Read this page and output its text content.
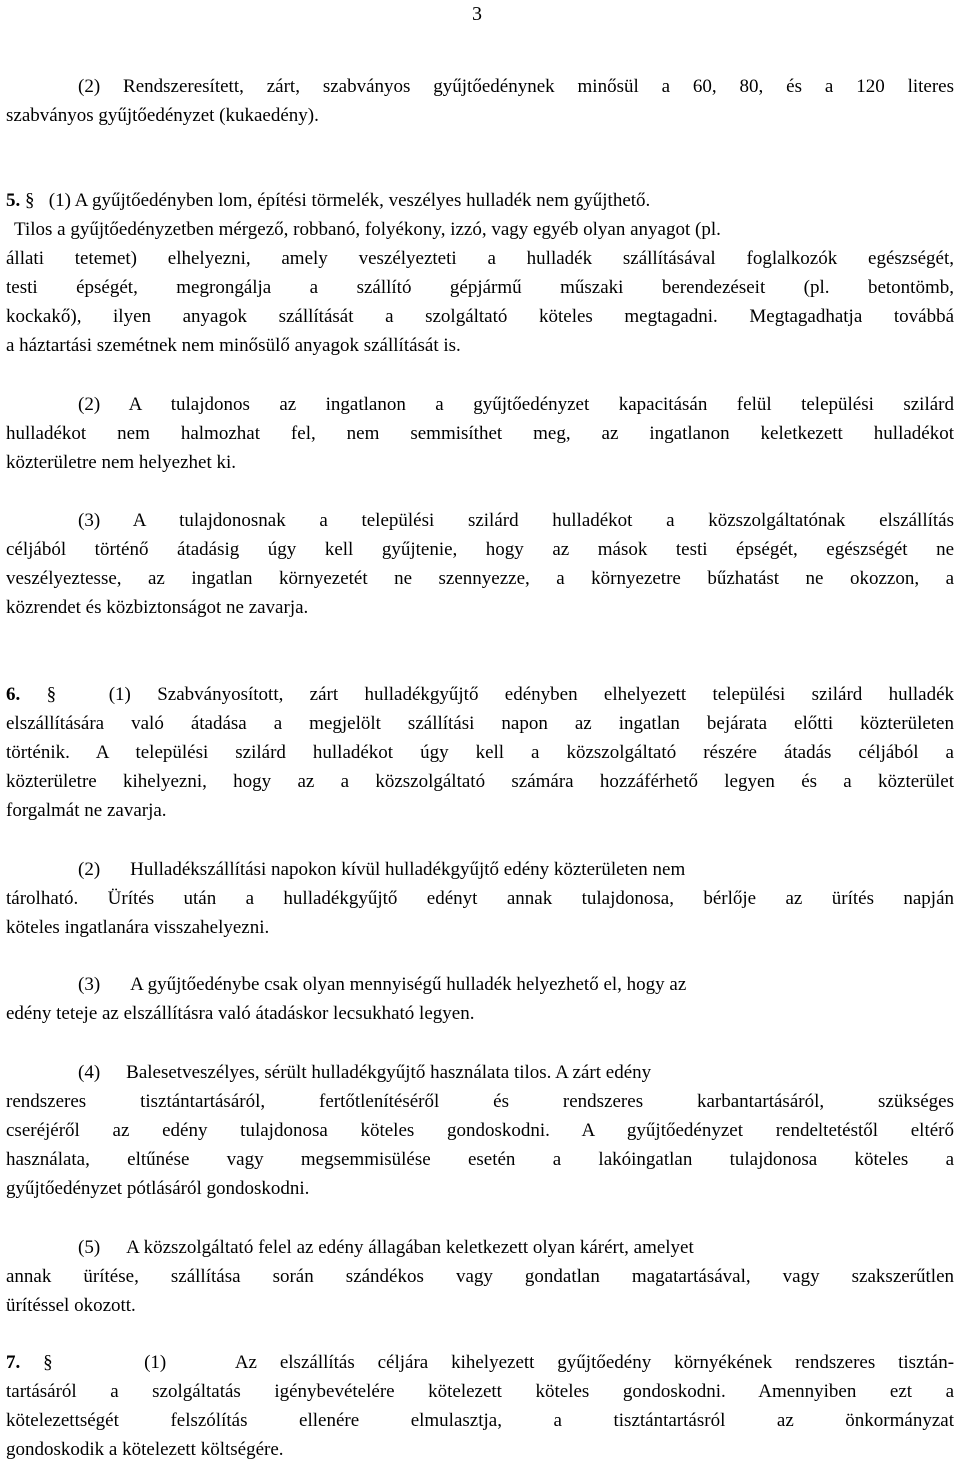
3
(2) Rendszeresített, zárt, szabványos gyűjtőedénynek minősül a 60, 80, és a 120 literes
szabványos gyűjtőedényzet (kukaedény).
5. § (1) A gyűjtőedényben lom, építési törmelék, veszélyes hulladék nem gyűjthető.
Tilos a gyűjtőedényzetben mérgező, robbanó, folyékony, izzó, vagy egyéb olyan anyagot (pl.
állati tetemet) elhelyezni, amely veszélyezteti a hulladék szállításával foglalkozók egészségét,
testi épségét, megrongálja a szállító gépjármű műszaki berendezéseit (pl. betontömb,
kockakő), ilyen anyagok szállítását a szolgáltató köteles megtagadni. Megtagadhatja továbbá
a háztartási szemétnek nem minősülő anyagok szállítását is.
(2) A tulajdonos az ingatlanon a gyűjtőedényzet kapacitásán felül települési szilárd
hulladékot nem halmozhat fel, nem semmisíthet meg, az ingatlanon keletkezett hulladékot
közterületre nem helyezhet ki.
(3) A tulajdonosnak a települési szilárd hulladékot a közszolgáltatónak elszállítás
céljából történő átadásig úgy kell gyűjtenie, hogy az mások testi épségét, egészségét ne
veszélyeztesse, az ingatlan környezetét ne szennyezze, a környezetre bűzhatást ne okozzon, a
közrendet és közbiztonságot ne zavarja.
6. §	(1) Szabványosított, zárt hulladékgyűjtő edényben elhelyezett települési szilárd hulladék
elszállítására való átadása a megjelölt szállítási napon az ingatlan bejárata előtti közterületen
történik. A települési szilárd hulladékot úgy kell a közszolgáltató részére átadás céljából a
közterületre kihelyezni, hogy az a közszolgáltató számára hozzáférhető legyen és a közterület
forgalmát ne zavarja.
(2) Hulladékszállítási napokon kívül hulladékgyűjtő edény közterületen nem
tárolható. Ürítés után a hulladékgyűjtő edényt annak tulajdonosa, bérlője az ürítés napján
köteles ingatlanára visszahelyezni.
(3) A gyűjtőedénybe csak olyan mennyiségű hulladék helyezhető el, hogy az
edény teteje az elszállításra való átadáskor lecsukható legyen.
(4) Balesetveszélyes, sérült hulladékgyűjtő használata tilos. A zárt edény
rendszeres tisztántartásáról, fertőtlenítéséről és rendszeres karbantartásáról, szükséges
cseréjéről az edény tulajdonosa köteles gondoskodni. A gyűjtőedényzet rendeltetéstől eltérő
használata, eltűnése vagy megsemmisülése esetén a lakóingatlan tulajdonosa köteles a
gyűjtőedényzet pótlásáról gondoskodni.
(5) A közszolgáltató felel az edény állagában keletkezett olyan kárért, amelyet
annak ürítése, szállítása során szándékos vagy gondatlan magatartásával, vagy szakszerűtlen
ürítéssel okozott.
7. §	(1)	Az elszállítás céljára kihelyezett gyűjtőedény környékének rendszeres tisztán-
tartásáról a szolgáltatás igénybevételére kötelezett köteles gondoskodni. Amennyiben ezt a
kötelezettségét felszólítás ellenére elmulasztja, a tisztántartásról az önkormányzat
gondoskodik a kötelezett költségére.
